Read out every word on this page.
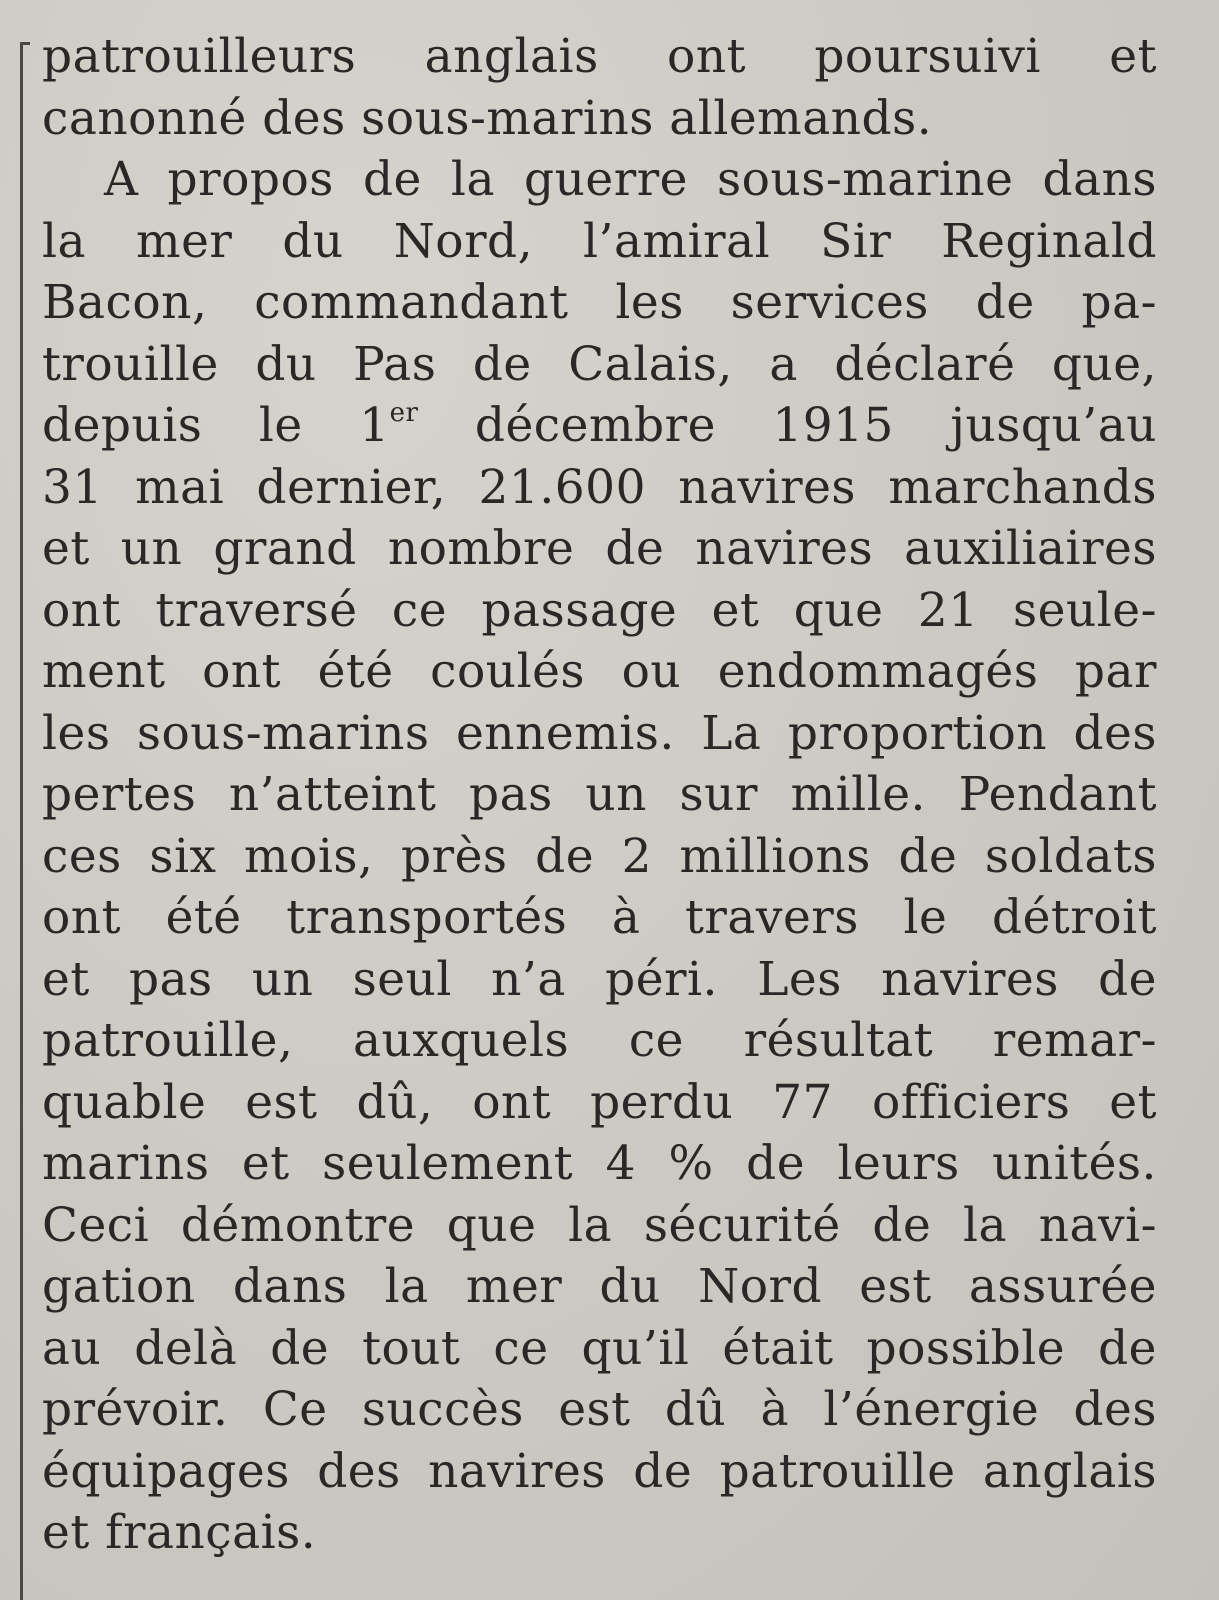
patrouilleurs anglais ont poursuivi et
canonné des sous-marins allemands.
A propos de la guerre sous-marine dans
la mer du Nord, l’amiral Sir Reginald
Bacon, commandant les services de pa-
trouille du Pas de Calais, a déclaré que,
depuis le 1er décembre 1915 jusqu’au
31 mai dernier, 21.600 navires marchands
et un grand nombre de navires auxiliaires
ont traversé ce passage et que 21 seule-
ment ont été coulés ou endommagés par
les sous-marins ennemis. La proportion des
pertes n’atteint pas un sur mille. Pendant
ces six mois, près de 2 millions de soldats
ont été transportés à travers le détroit
et pas un seul n’a péri. Les navires de
patrouille, auxquels ce résultat remar-
quable est dû, ont perdu 77 officiers et
marins et seulement 4 % de leurs unités.
Ceci démontre que la sécurité de la navi-
gation dans la mer du Nord est assurée
au delà de tout ce qu’il était possible de
prévoir. Ce succès est dû à l’énergie des
équipages des navires de patrouille anglais
et français.
